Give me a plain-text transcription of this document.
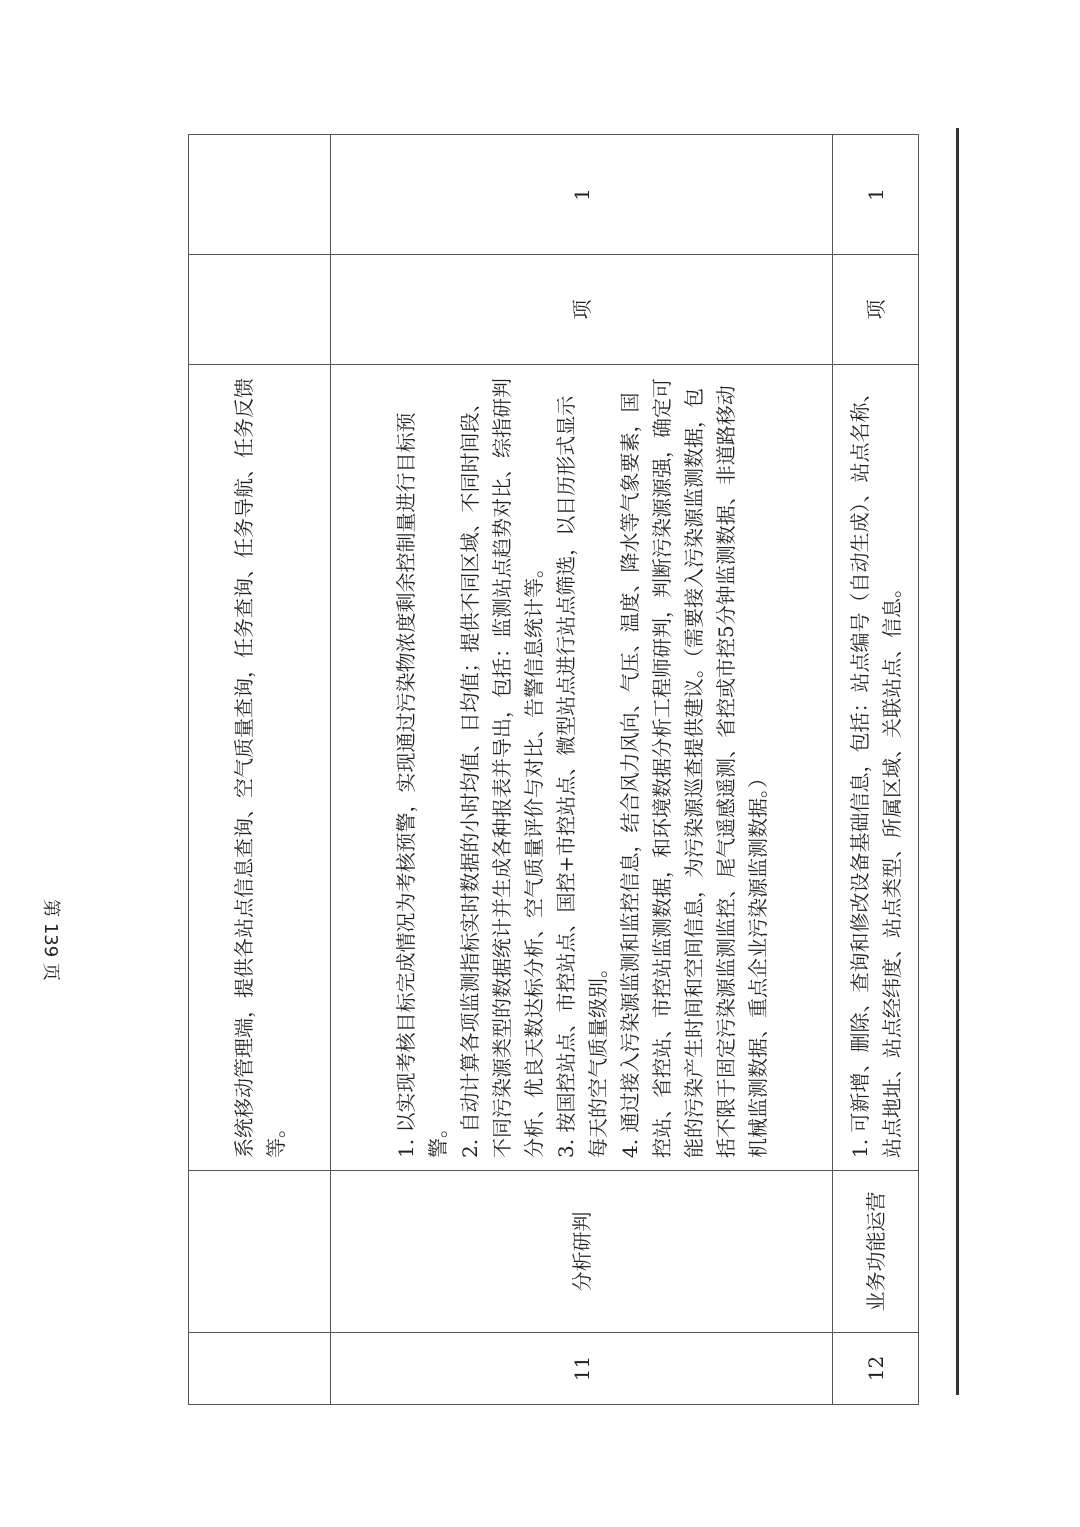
		系统移动管理端，提供各站点信息查询、空气质量查询，任务查询、任务导航、任务反馈等。		

11	分析研判	1. 以实现考核目标完成情况为考核预警，实现通过污染物浓度剩余控制量进行目标预警。 2. 自动计算各项监测指标实时数据的小时均值、日均值；提供不同区域、不同时间段、不同污染源类型的数据统计并生成各种报表并导出，包括：监测站点趋势对比、综指研判分析、优良天数达标分析、空气质量评价与对比、告警信息统计等。 3. 按国控站点、市控站点、国控+市控站点、微型站点进行站点筛选，以日历形式显示每天的空气质量级别。 4. 通过接入污染源监测和监控信息，结合风力风向、气压、温度、降水等气象要素，国控站、省控站、市控站监测数据，和环境数据分析工程师研判，判断污染源源强，确定可能的污染产生时间和空间信息，为污染源巡查提供建议。（需要接入污染源监测数据，包括不限于固定污染源监测监控、尾气遥感遥测、省控或市控5分钟监测数据、非道路移动机械监测数据、重点企业污染源监测数据。）	项	1
12	业务功能运营	1. 可新增、删除、查询和修改设备基础信息，包括：站点编号（自动生成）、站点名称、站点地址、站点经纬度、站点类型、所属区域、关联站点、信息。	项	1
第 139 页
